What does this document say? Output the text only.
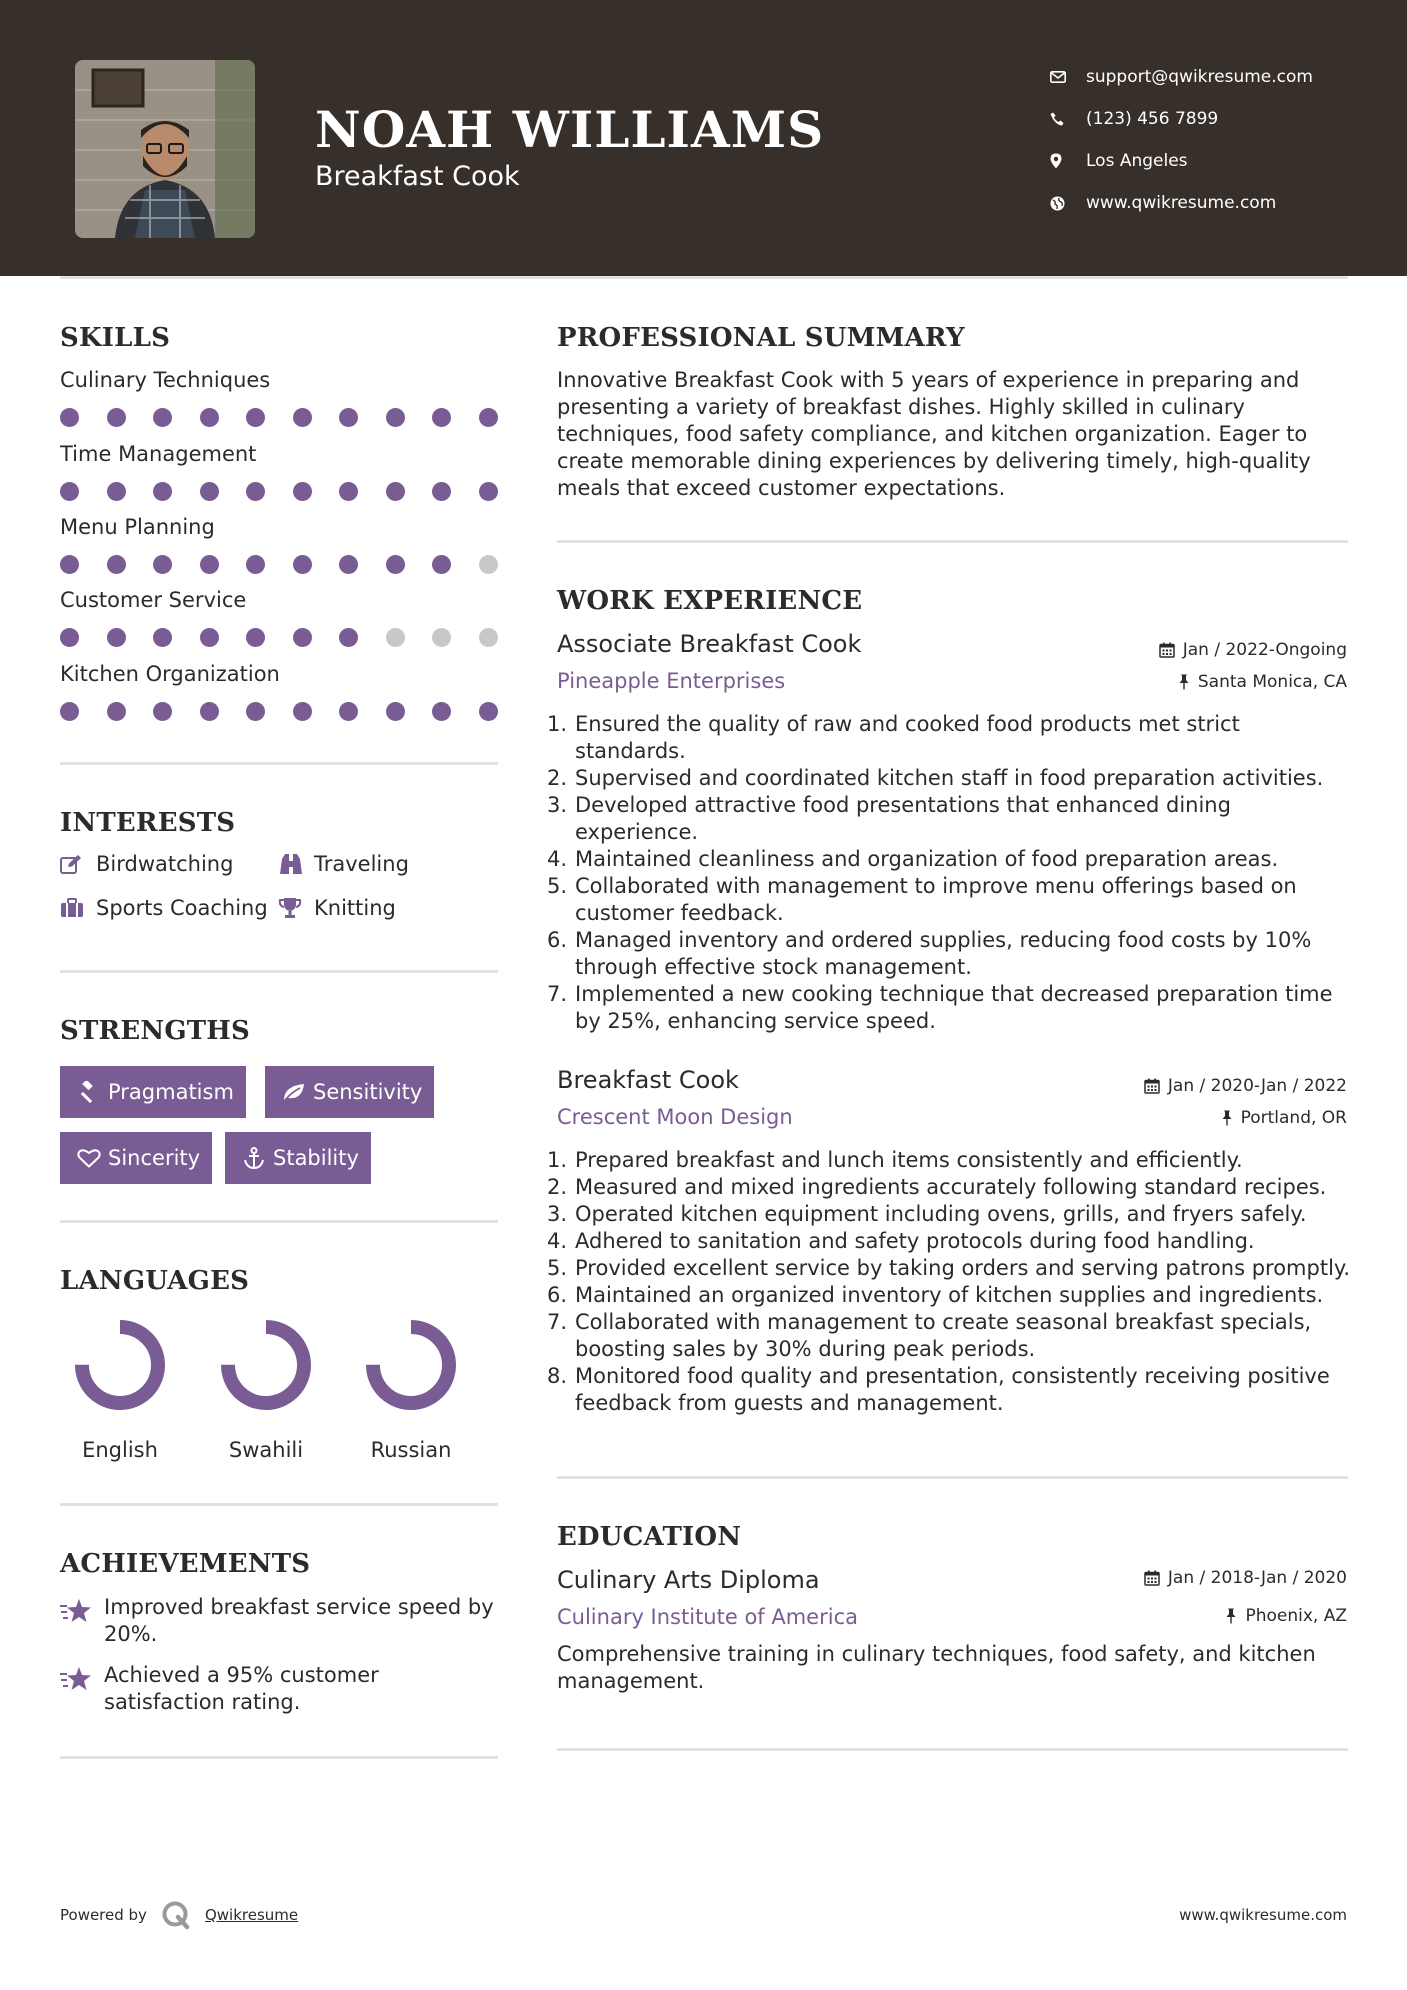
NOAH WILLIAMS
Breakfast Cook
support@qwikresume.com
(123) 456 7899
Los Angeles
www.qwikresume.com
SKILLS
Culinary Techniques
Time Management
Menu Planning
Customer Service
Kitchen Organization
INTERESTS
Birdwatching	Traveling
Sports Coaching Knitting
STRENGTHS
Pragmatism	Sensitivity
Sincerity	Stability
LANGUAGES
English	Swahili	Russian
ACHIEVEMENTS
Improved breakfast service speed by 20%.
Achieved a 95% customer satisfaction rating.
PROFESSIONAL SUMMARY
Innovative Breakfast Cook with 5 years of experience in preparing and presenting a variety of breakfast dishes. Highly skilled in culinary techniques, food safety compliance, and kitchen organization. Eager to create memorable dining experiences by delivering timely, high-quality meals that exceed customer expectations.
WORK EXPERIENCE
Associate Breakfast Cook	Jan / 2022-Ongoing
Pineapple Enterprises	Santa Monica, CA
1. Ensured the quality of raw and cooked food products met strict standards.
2. Supervised and coordinated kitchen staff in food preparation activities.
3. Developed attractive food presentations that enhanced dining experience.
4. Maintained cleanliness and organization of food preparation areas.
5. Collaborated with management to improve menu offerings based on customer feedback.
6. Managed inventory and ordered supplies, reducing food costs by 10% through effective stock management.
7. Implemented a new cooking technique that decreased preparation time by 25%, enhancing service speed.
Breakfast Cook	Jan / 2020-Jan / 2022
Crescent Moon Design	Portland, OR
1. Prepared breakfast and lunch items consistently and efficiently.
2. Measured and mixed ingredients accurately following standard recipes.
3. Operated kitchen equipment including ovens, grills, and fryers safely.
4. Adhered to sanitation and safety protocols during food handling.
5. Provided excellent service by taking orders and serving patrons promptly.
6. Maintained an organized inventory of kitchen supplies and ingredients.
7. Collaborated with management to create seasonal breakfast specials, boosting sales by 30% during peak periods.
8. Monitored food quality and presentation, consistently receiving positive feedback from guests and management.
EDUCATION
Culinary Arts Diploma	Jan / 2018-Jan / 2020
Culinary Institute of America	Phoenix, AZ
Comprehensive training in culinary techniques, food safety, and kitchen management.
Powered by	Qwikresume	www.qwikresume.com
